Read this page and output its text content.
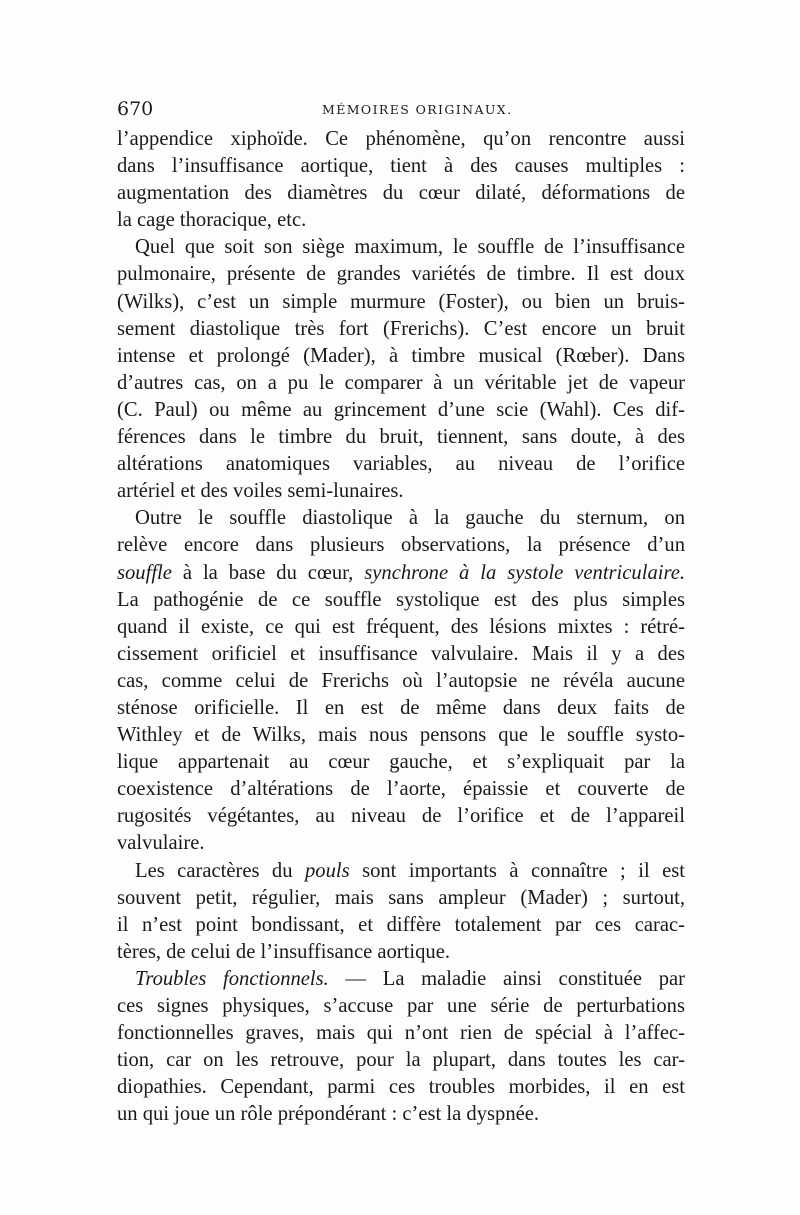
670	MÉMOIRES ORIGINAUX.
l’appendice xiphoïde. Ce phénomène, qu’on rencontre aussi
dans l’insuffisance aortique, tient à des causes multiples :
augmentation des diamètres du cœur dilaté, déformations de
la cage thoracique, etc.
Quel que soit son siège maximum, le souffle de l’insuffisance
pulmonaire, présente de grandes variétés de timbre. Il est doux
(Wilks), c’est un simple murmure (Foster), ou bien un bruis-
sement diastolique très fort (Frerichs). C’est encore un bruit
intense et prolongé (Mader), à timbre musical (Rœber). Dans
d’autres cas, on a pu le comparer à un véritable jet de vapeur
(C. Paul) ou même au grincement d’une scie (Wahl). Ces dif-
férences dans le timbre du bruit, tiennent, sans doute, à des
altérations anatomiques variables, au niveau de l’orifice
artériel et des voiles semi-lunaires.
Outre le souffle diastolique à la gauche du sternum, on
relève encore dans plusieurs observations, la présence d’un
souffle à la base du cœur, synchrone à la systole ventriculaire.
La pathogénie de ce souffle systolique est des plus simples
quand il existe, ce qui est fréquent, des lésions mixtes : rétré-
cissement orificiel et insuffisance valvulaire. Mais il y a des
cas, comme celui de Frerichs où l’autopsie ne révéla aucune
sténose orificielle. Il en est de même dans deux faits de
Withley et de Wilks, mais nous pensons que le souffle systo-
lique appartenait au cœur gauche, et s’expliquait par la
coexistence d’altérations de l’aorte, épaissie et couverte de
rugosités végétantes, au niveau de l’orifice et de l’appareil
valvulaire.
Les caractères du pouls sont importants à connaître ; il est
souvent petit, régulier, mais sans ampleur (Mader) ; surtout,
il n’est point bondissant, et diffère totalement par ces carac-
tères, de celui de l’insuffisance aortique.
Troubles fonctionnels. — La maladie ainsi constituée par
ces signes physiques, s’accuse par une série de perturbations
fonctionnelles graves, mais qui n’ont rien de spécial à l’affec-
tion, car on les retrouve, pour la plupart, dans toutes les car-
diopathies. Cependant, parmi ces troubles morbides, il en est
un qui joue un rôle prépondérant : c’est la dyspnée.
